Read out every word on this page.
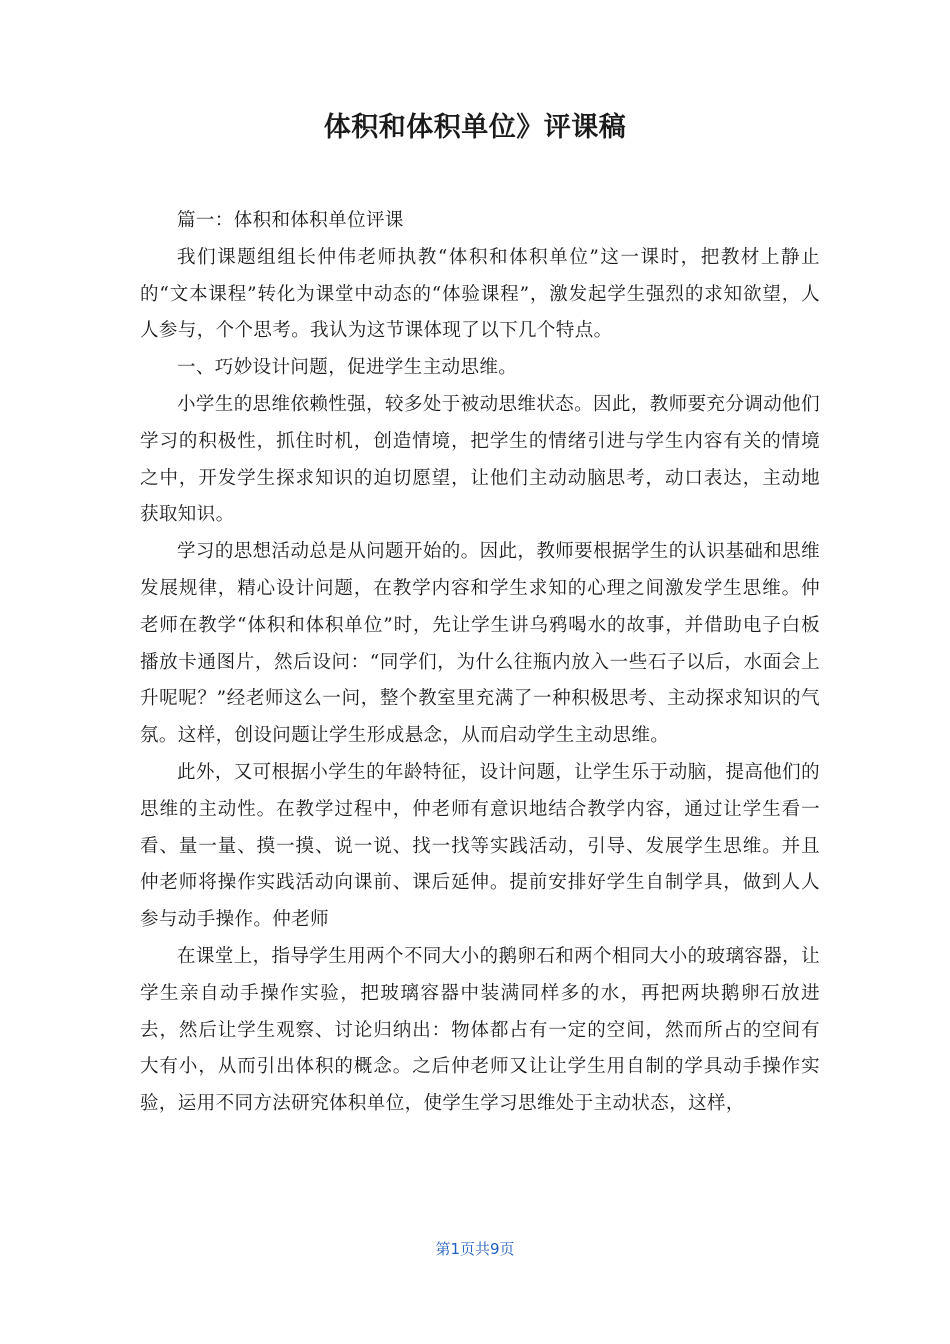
体积和体积单位》评课稿

篇一：体积和体积单位评课

我们课题组组长仲伟老师执教“体积和体积单位”这一课时，把教材上静止的“文本课程”转化为课堂中动态的“体验课程”，激发起学生强烈的求知欲望，人人参与，个个思考。我认为这节课体现了以下几个特点。

一、巧妙设计问题，促进学生主动思维。

小学生的思维依赖性强，较多处于被动思维状态。因此，教师要充分调动他们学习的积极性，抓住时机，创造情境，把学生的情绪引进与学生内容有关的情境之中，开发学生探求知识的迫切愿望，让他们主动动脑思考，动口表达，主动地获取知识。

学习的思想活动总是从问题开始的。因此，教师要根据学生的认识基础和思维发展规律，精心设计问题，在教学内容和学生求知的心理之间激发学生思维。仲老师在教学“体积和体积单位”时，先让学生讲乌鸦喝水的故事，并借助电子白板播放卡通图片，然后设问：“同学们，为什么往瓶内放入一些石子以后，水面会上升呢呢？”经老师这么一问，整个教室里充满了一种积极思考、主动探求知识的气氛。这样，创设问题让学生形成悬念，从而启动学生主动思维。

此外，又可根据小学生的年龄特征，设计问题，让学生乐于动脑，提高他们的思维的主动性。在教学过程中，仲老师有意识地结合教学内容，通过让学生看一看、量一量、摸一摸、说一说、找一找等实践活动，引导、发展学生思维。并且仲老师将操作实践活动向课前、课后延伸。提前安排好学生自制学具，做到人人参与动手操作。仲老师

在课堂上，指导学生用两个不同大小的鹅卵石和两个相同大小的玻璃容器，让学生亲自动手操作实验，把玻璃容器中装满同样多的水，再把两块鹅卵石放进去，然后让学生观察、讨论归纳出：物体都占有一定的空间，然而所占的空间有大有小，从而引出体积的概念。之后仲老师又让让学生用自制的学具动手操作实验，运用不同方法研究体积单位，使学生学习思维处于主动状态，这样，

第1页共9页
